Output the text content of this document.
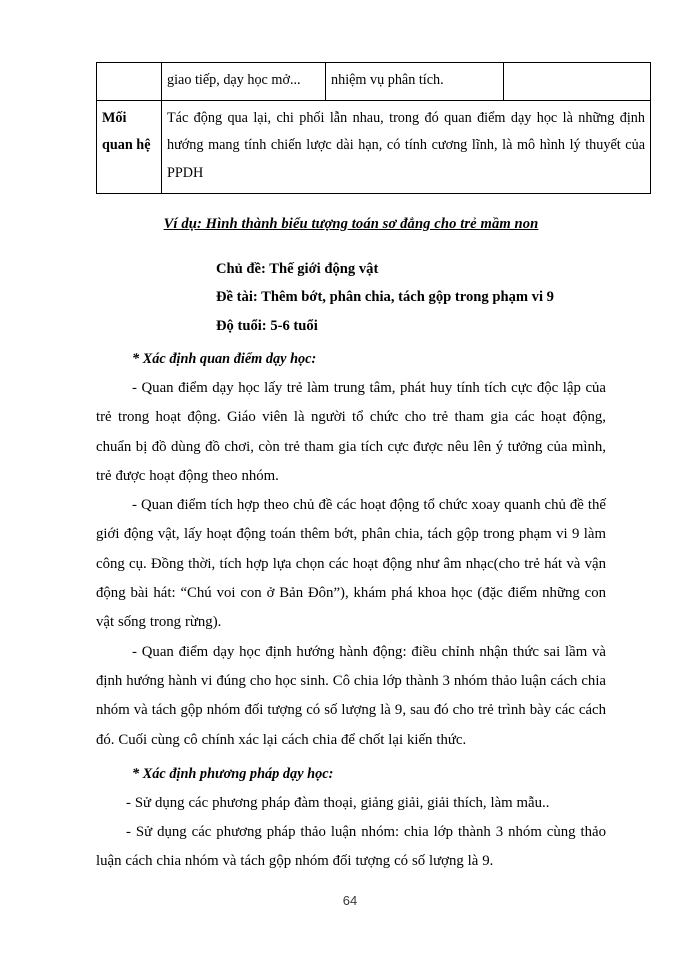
	giao tiếp, dạy học mở...	nhiệm vụ phân tích.	
Mối quan hệ	Tác động qua lại, chi phối lẫn nhau, trong đó quan điểm dạy học là những định hướng mang tính chiến lược dài hạn, có tính cương lĩnh, là mô hình lý thuyết của PPDH		
Ví dụ: Hình thành biểu tượng toán sơ đẳng cho trẻ mầm non
Chủ đề: Thế giới động vật
Đề tài: Thêm bớt, phân chia, tách gộp trong phạm vi 9
Độ tuổi: 5-6 tuổi
* Xác định quan điểm dạy học:

- Quan điểm dạy học lấy trẻ làm trung tâm, phát huy tính tích cực độc lập của trẻ trong hoạt động. Giáo viên là người tổ chức cho trẻ tham gia các hoạt động, chuẩn bị đồ dùng đồ chơi, còn trẻ tham gia tích cực được nêu lên ý tưởng của mình, trẻ được hoạt động theo nhóm.

- Quan điểm tích hợp theo chủ đề các hoạt động tổ chức xoay quanh chủ đề thế giới động vật, lấy hoạt động toán thêm bớt, phân chia, tách gộp trong phạm vi 9 làm công cụ. Đồng thời, tích hợp lựa chọn các hoạt động như âm nhạc(cho trẻ hát và vận động bài hát: “Chú voi con ở Bản Đôn”), khám phá khoa học (đặc điểm những con vật sống trong rừng).

- Quan điểm dạy học định hướng hành động: điều chỉnh nhận thức sai lầm và định hướng hành vi đúng cho học sinh. Cô chia lớp thành 3 nhóm thảo luận cách chia nhóm và tách gộp nhóm đối tượng có số lượng là 9, sau đó cho trẻ trình bày các cách đó. Cuối cùng cô chính xác lại cách chia để chốt lại kiến thức.

* Xác định phương pháp dạy học:

- Sử dụng các phương pháp đàm thoại, giảng giải, giải thích, làm mẫu..

- Sử dụng các phương pháp thảo luận nhóm: chia lớp thành 3 nhóm cùng thảo luận cách chia nhóm và tách gộp nhóm đối tượng có số lượng là 9.

64
